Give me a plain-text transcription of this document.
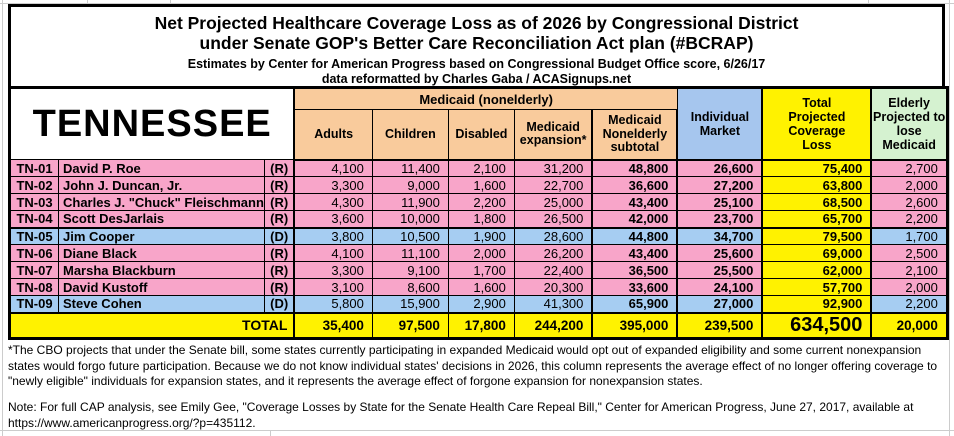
Net Projected Healthcare Coverage Loss as of 2026 by Congressional District
under Senate GOP's Better Care Reconciliation Act plan (#BCRAP)
Estimates by Center for American Progress based on Congressional Budget Office score, 6/26/17
data reformatted by Charles Gaba / ACASignups.net
TENNESSEE			Medicaid (nonelderly)					Individual Market	Total Projected Coverage Loss	Elderly Projected to lose Medicaid
			Adults	Children	Disabled	Medicaid expansion*	Medicaid Nonelderly subtotal			
TN-01	David P. Roe	(R)	4,100	11,400	2,100	31,200	48,800	26,600	75,400	2,700
TN-02	John J. Duncan, Jr.	(R)	3,300	9,000	1,600	22,700	36,600	27,200	63,800	2,000
TN-03	Charles J. "Chuck" Fleischmann	(R)	4,300	11,900	2,200	25,000	43,400	25,100	68,500	2,600
TN-04	Scott DesJarlais	(R)	3,600	10,000	1,800	26,500	42,000	23,700	65,700	2,200
TN-05	Jim Cooper	(D)	3,800	10,500	1,900	28,600	44,800	34,700	79,500	1,700
TN-06	Diane Black	(R)	4,100	11,100	2,000	26,200	43,400	25,600	69,000	2,500
TN-07	Marsha Blackburn	(R)	3,300	9,100	1,700	22,400	36,500	25,500	62,000	2,100
TN-08	David Kustoff	(R)	3,100	8,600	1,600	20,300	33,600	24,100	57,700	2,000
TN-09	Steve Cohen	(D)	5,800	15,900	2,900	41,300	65,900	27,000	92,900	2,200
TOTAL			35,400	97,500	17,800	244,200	395,000	239,500	634,500	20,000
*The CBO projects that under the Senate bill, some states currently participating in expanded Medicaid would opt out of expanded eligibility and some current nonexpansion states would forgo future participation. Because we do not know individual states' decisions in 2026, this column represents the average effect of no longer offering coverage to "newly eligible" individuals for expansion states, and it represents the average effect of forgone expansion for nonexpansion states.
Note: For full CAP analysis, see Emily Gee, "Coverage Losses by State for the Senate Health Care Repeal Bill," Center for American Progress, June 27, 2017, available at https://www.americanprogress.org/?p=435112.
